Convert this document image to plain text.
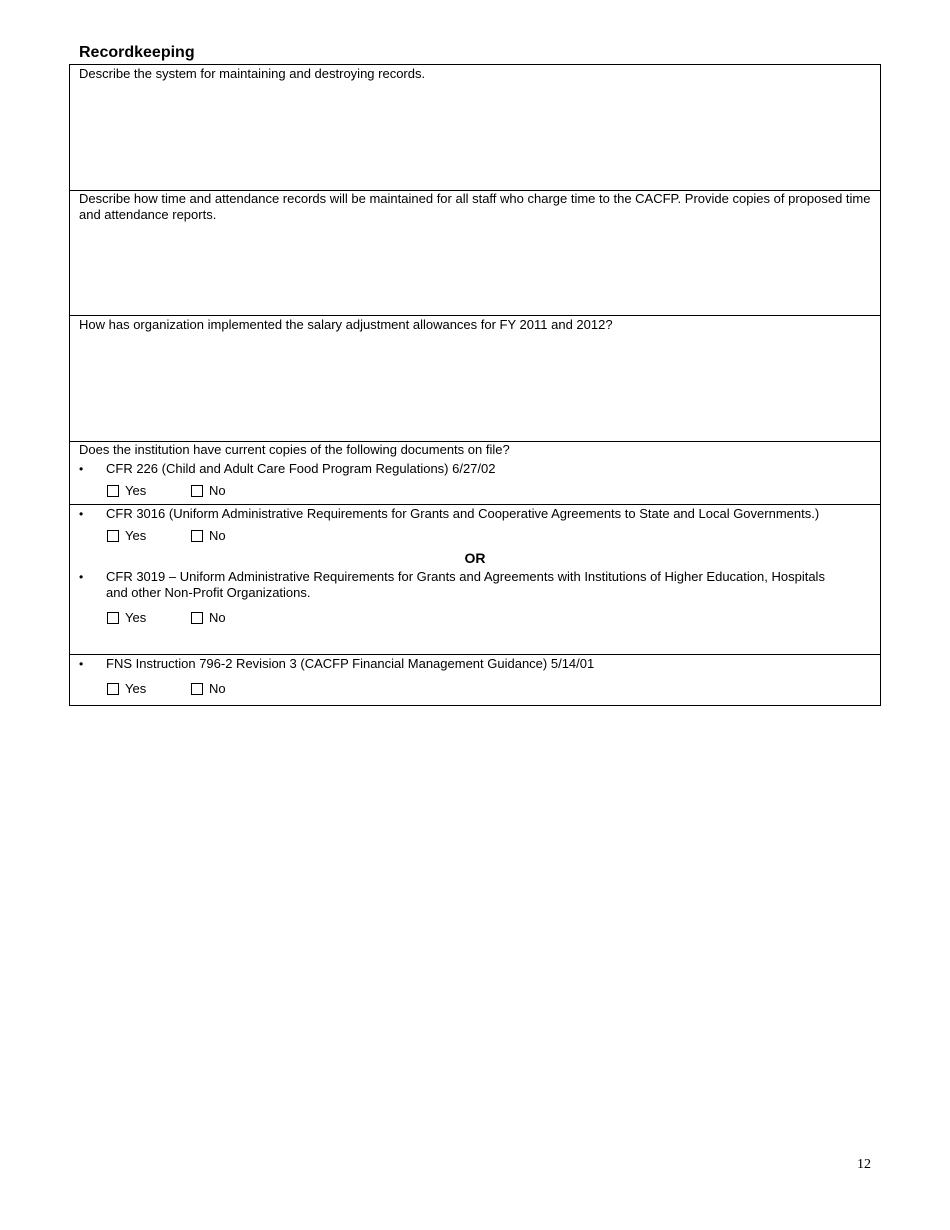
Recordkeeping
Describe the system for maintaining and destroying records.
Describe how time and attendance records will be maintained for all staff who charge time to the CACFP. Provide copies of proposed time and attendance reports.
How has organization implemented the salary adjustment allowances for FY 2011 and 2012?
Does the institution have current copies of the following documents on file?
•	CFR 226 (Child and Adult Care Food Program Regulations) 6/27/02
Yes	No
•	CFR 3016 (Uniform Administrative Requirements for Grants and Cooperative Agreements to State and Local Governments.)
Yes	No
OR
•	CFR 3019 – Uniform Administrative Requirements for Grants and Agreements with Institutions of Higher Education, Hospitals and other Non-Profit Organizations.
Yes	No
•	FNS Instruction 796-2 Revision 3 (CACFP Financial Management Guidance) 5/14/01
Yes	No
12
